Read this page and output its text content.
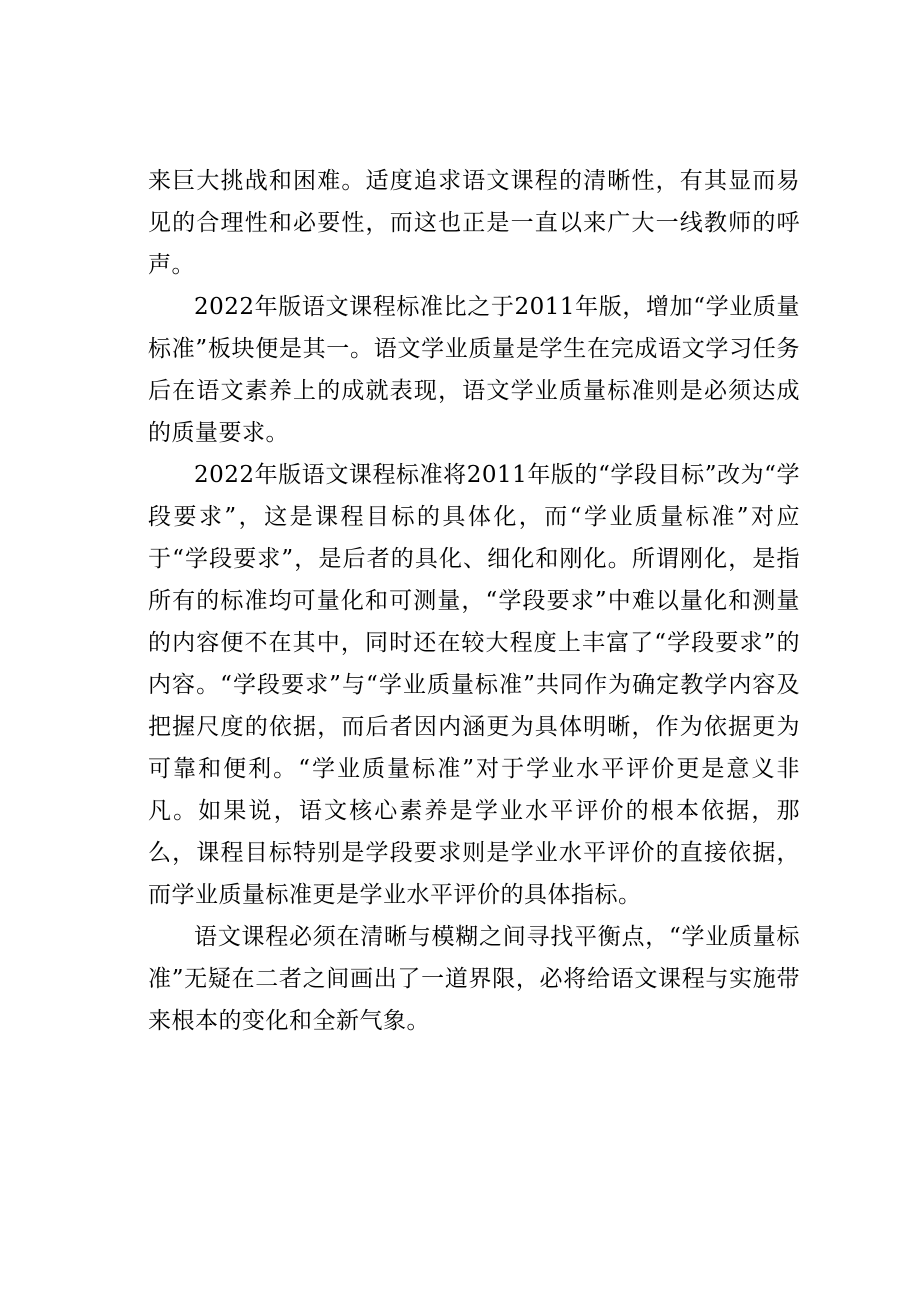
来巨大挑战和困难。适度追求语文课程的清晰性，有其显而易见的合理性和必要性，而这也正是一直以来广大一线教师的呼声。

2022年版语文课程标准比之于2011年版，增加“学业质量标准”板块便是其一。语文学业质量是学生在完成语文学习任务后在语文素养上的成就表现，语文学业质量标准则是必须达成的质量要求。

2022年版语文课程标准将2011年版的“学段目标”改为“学段要求”，这是课程目标的具体化，而“学业质量标准”对应于“学段要求”，是后者的具化、细化和刚化。所谓刚化，是指所有的标准均可量化和可测量，“学段要求”中难以量化和测量的内容便不在其中，同时还在较大程度上丰富了“学段要求”的内容。“学段要求”与“学业质量标准”共同作为确定教学内容及把握尺度的依据，而后者因内涵更为具体明晰，作为依据更为可靠和便利。“学业质量标准”对于学业水平评价更是意义非凡。如果说，语文核心素养是学业水平评价的根本依据，那么，课程目标特别是学段要求则是学业水平评价的直接依据，而学业质量标准更是学业水平评价的具体指标。

语文课程必须在清晰与模糊之间寻找平衡点，“学业质量标准”无疑在二者之间画出了一道界限，必将给语文课程与实施带来根本的变化和全新气象。
